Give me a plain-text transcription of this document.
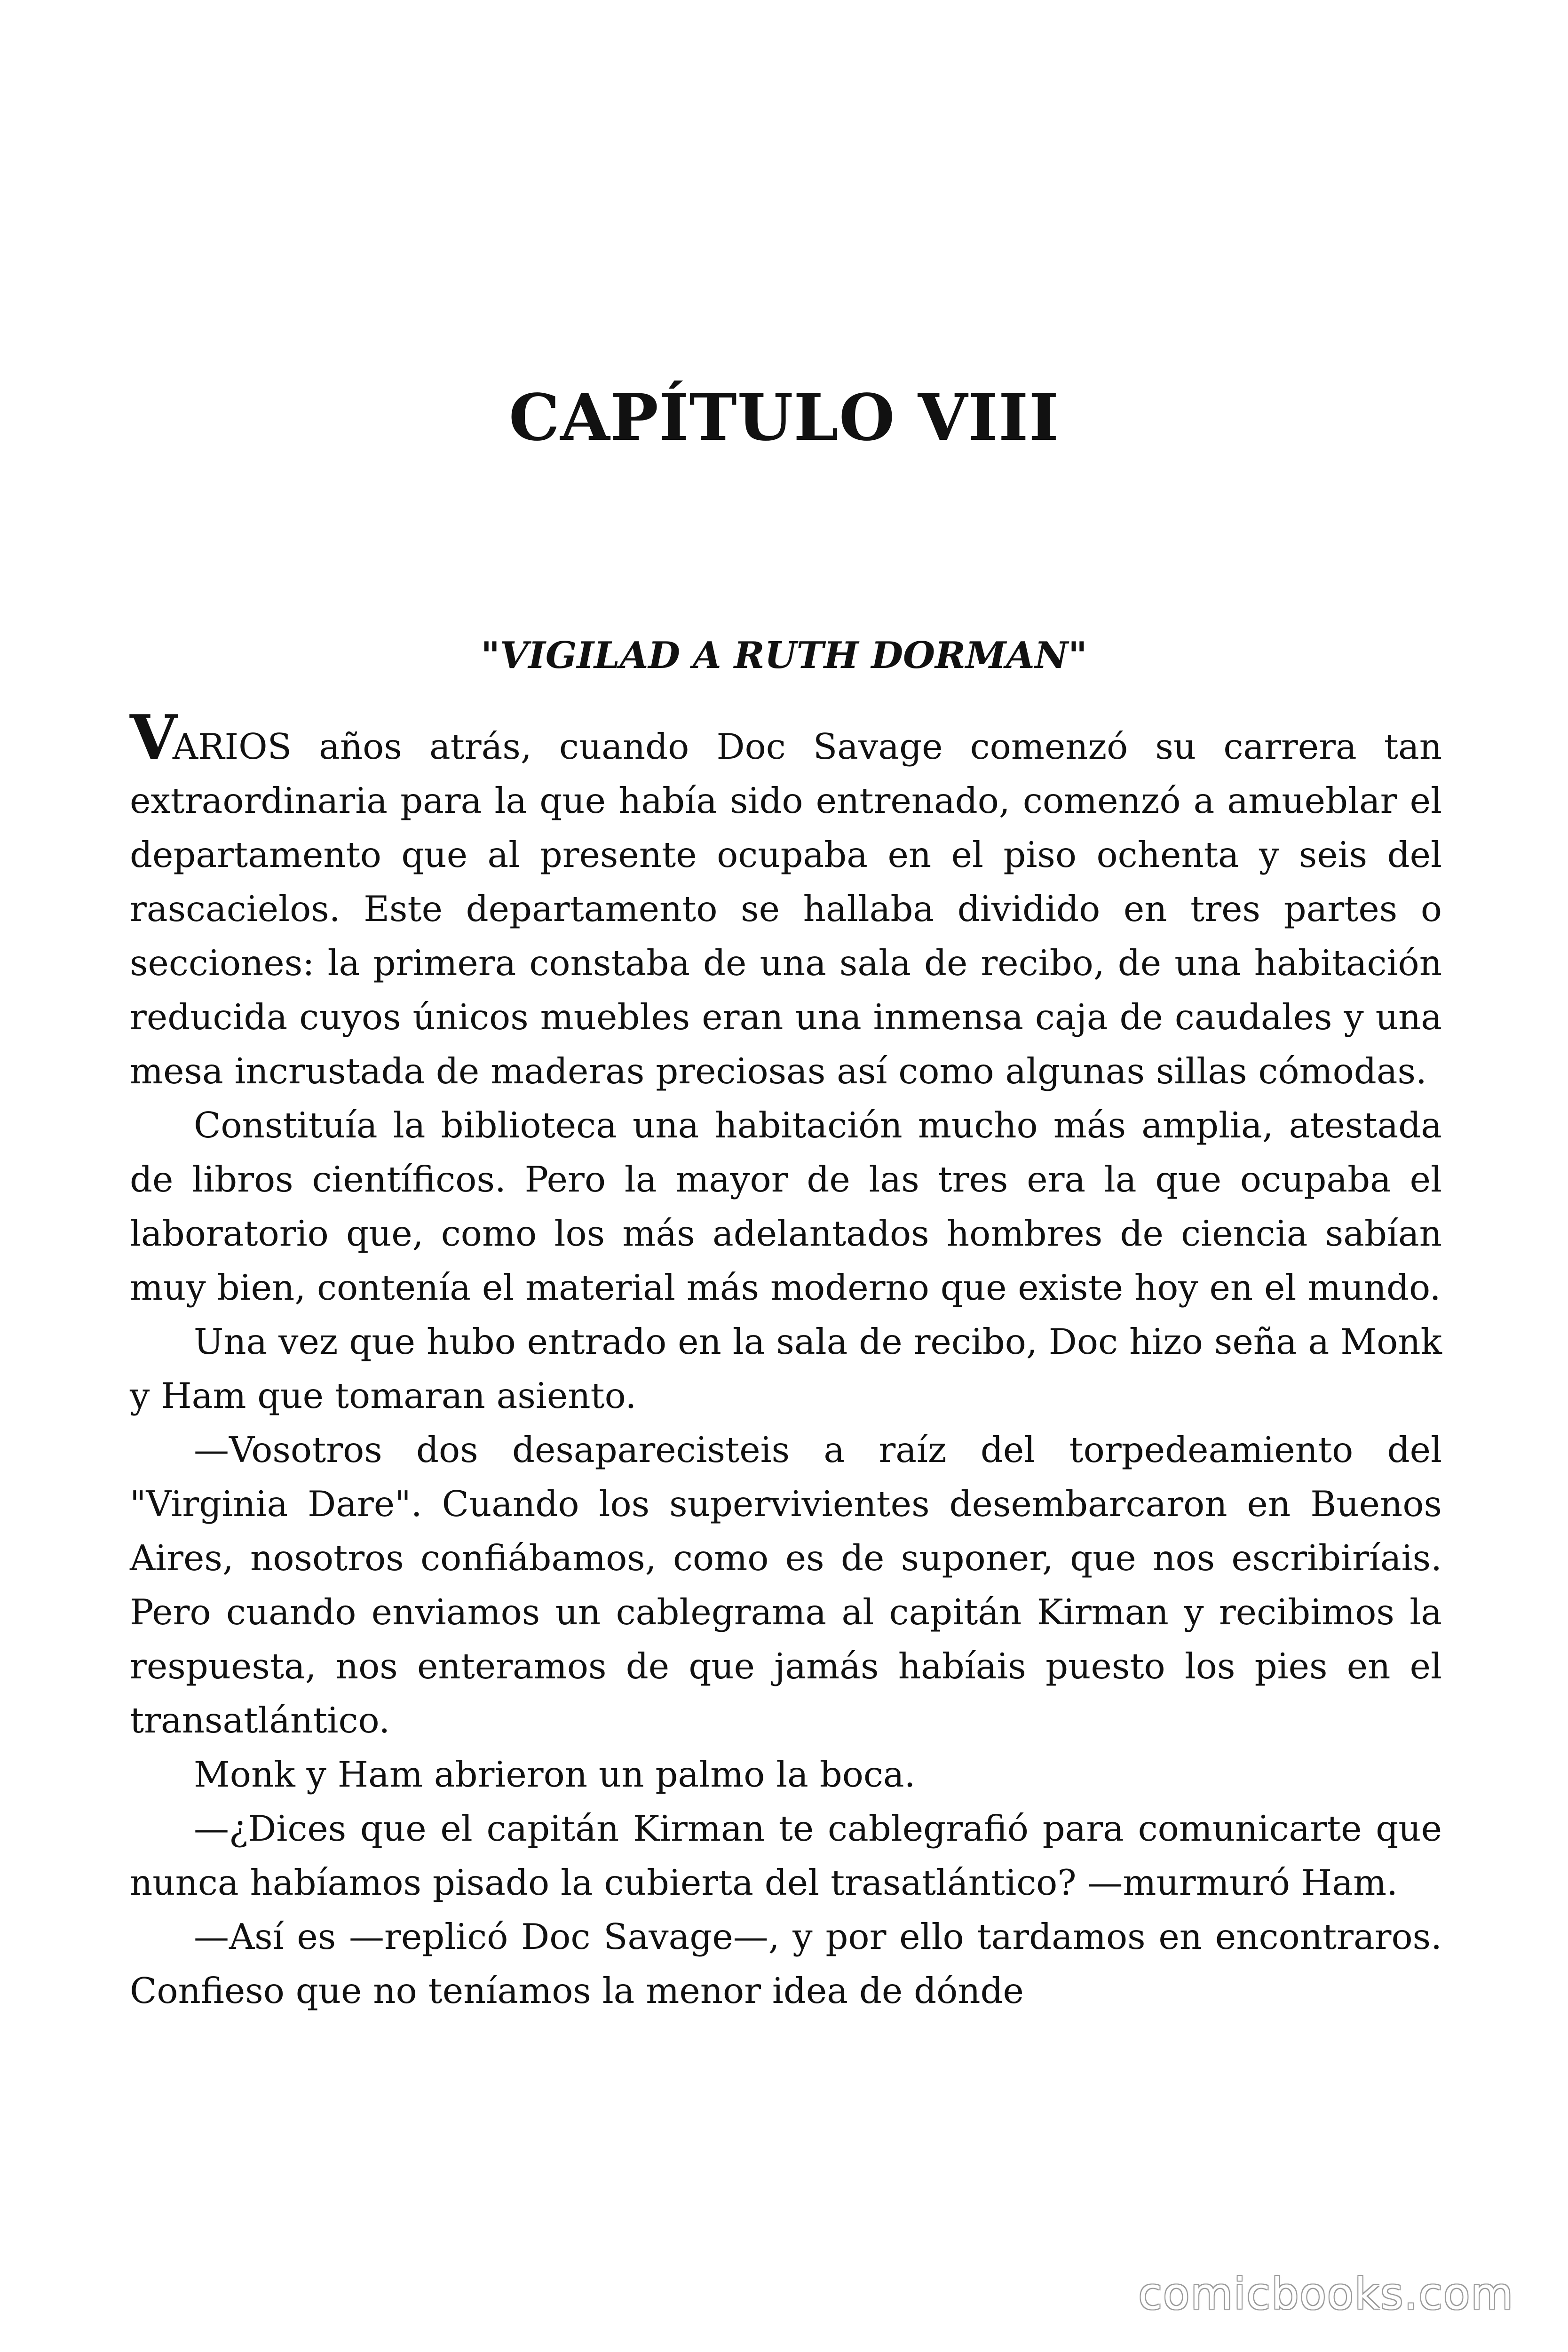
CAPÍTULO VIII
"VIGILAD A RUTH DORMAN"

VARIOS años atrás, cuando Doc Savage comenzó su carrera tan extraordinaria para la que había sido entrenado, comenzó a amueblar el departamento que al presente ocupaba en el piso ochenta y seis del rascacielos. Este departamento se hallaba dividido en tres partes o secciones: la primera constaba de una sala de recibo, de una habitación reducida cuyos únicos muebles eran una inmensa caja de caudales y una mesa incrustada de maderas preciosas así como algunas sillas cómodas.

Constituía la biblioteca una habitación mucho más amplia, atestada de libros científicos. Pero la mayor de las tres era la que ocupaba el laboratorio que, como los más adelantados hombres de ciencia sabían muy bien, contenía el material más moderno que existe hoy en el mundo.

Una vez que hubo entrado en la sala de recibo, Doc hizo seña a Monk y Ham que tomaran asiento.

—Vosotros dos desaparecisteis a raíz del torpedeamiento del "Virginia Dare". Cuando los supervivientes desembarcaron en Buenos Aires, nosotros confiábamos, como es de suponer, que nos escribiríais. Pero cuando enviamos un cablegrama al capitán Kirman y recibimos la respuesta, nos enteramos de que jamás habíais puesto los pies en el transatlántico.

Monk y Ham abrieron un palmo la boca.

—¿Dices que el capitán Kirman te cablegrafió para comunicarte que nunca habíamos pisado la cubierta del trasatlántico? —murmuró Ham.

—Así es —replicó Doc Savage—, y por ello tardamos en encontraros. Confieso que no teníamos la menor idea de dónde

comicbooks.com
